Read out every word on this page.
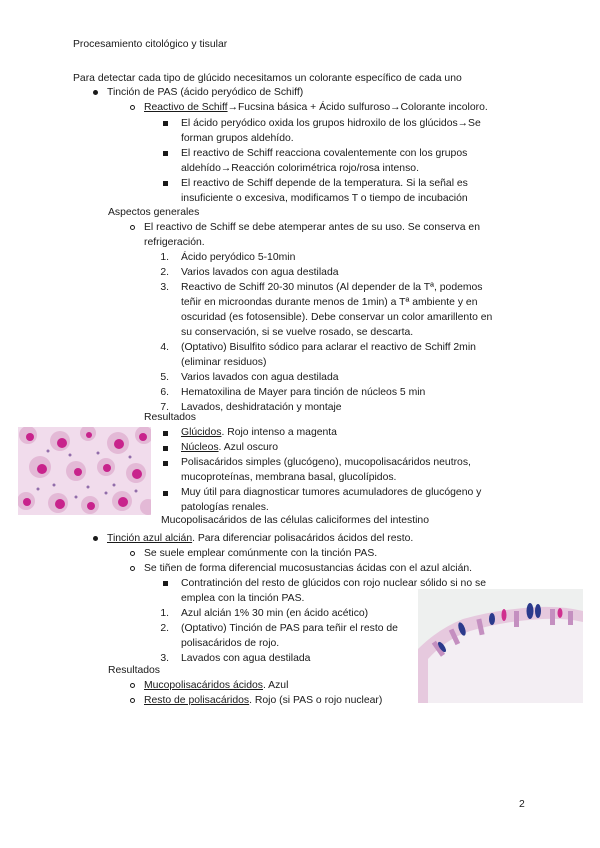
Procesamiento citológico y tisular
Para detectar cada tipo de glúcido necesitamos un colorante específico de cada uno
Tinción de PAS (ácido peryódico de Schiff)
Reactivo de Schiff→Fucsina básica + Ácido sulfuroso→Colorante incoloro.
El ácido peryódico oxida los grupos hidroxilo de los glúcidos→Se
forman grupos aldehído.
El reactivo de Schiff reacciona covalentemente con los grupos
aldehído→Reacción colorimétrica rojo/rosa intenso.
El reactivo de Schiff depende de la temperatura. Si la señal es
insuficiente o excesiva, modificamos T o tiempo de incubación
Aspectos generales
El reactivo de Schiff se debe atemperar antes de su uso. Se conserva en
refrigeración.
1. Ácido peryódico 5-10min
2. Varios lavados con agua destilada
3. Reactivo de Schiff 20-30 minutos (Al depender de la Tª, podemos
teñir en microondas durante menos de 1min) a Tª ambiente y en
oscuridad (es fotosensible). Debe conservar un color amarillento en
su conservación, si se vuelve rosado, se descarta.
4. (Optativo) Bisulfito sódico para aclarar el reactivo de Schiff 2min
(eliminar residuos)
5. Varios lavados con agua destilada
6. Hematoxilina de Mayer para tinción de núcleos 5 min
7. Lavados, deshidratación y montaje
Resultados
Glúcidos. Rojo intenso a magenta
Núcleos. Azul oscuro
Polisacáridos simples (glucógeno), mucopolisacáridos neutros,
mucoproteínas, membrana basal, glucolípidos.
Muy útil para diagnosticar tumores acumuladores de glucógeno y
patologías renales.
Mucopolisacáridos de las células caliciformes del intestino
Tinción azul alcián. Para diferenciar polisacáridos ácidos del resto.
Se suele emplear comúnmente con la tinción PAS.
Se tiñen de forma diferencial mucosustancias ácidas con el azul alcián.
Contratinción del resto de glúcidos con rojo nuclear sólido si no se
emplea con la tinción PAS.
1. Azul alcián 1% 30 min (en ácido acético)
2. (Optativo) Tinción de PAS para teñir el resto de
polisacáridos de rojo.
3. Lavados con agua destilada
Resultados
Mucopolisacáridos ácidos. Azul
Resto de polisacáridos. Rojo (si PAS o rojo nuclear)
2
